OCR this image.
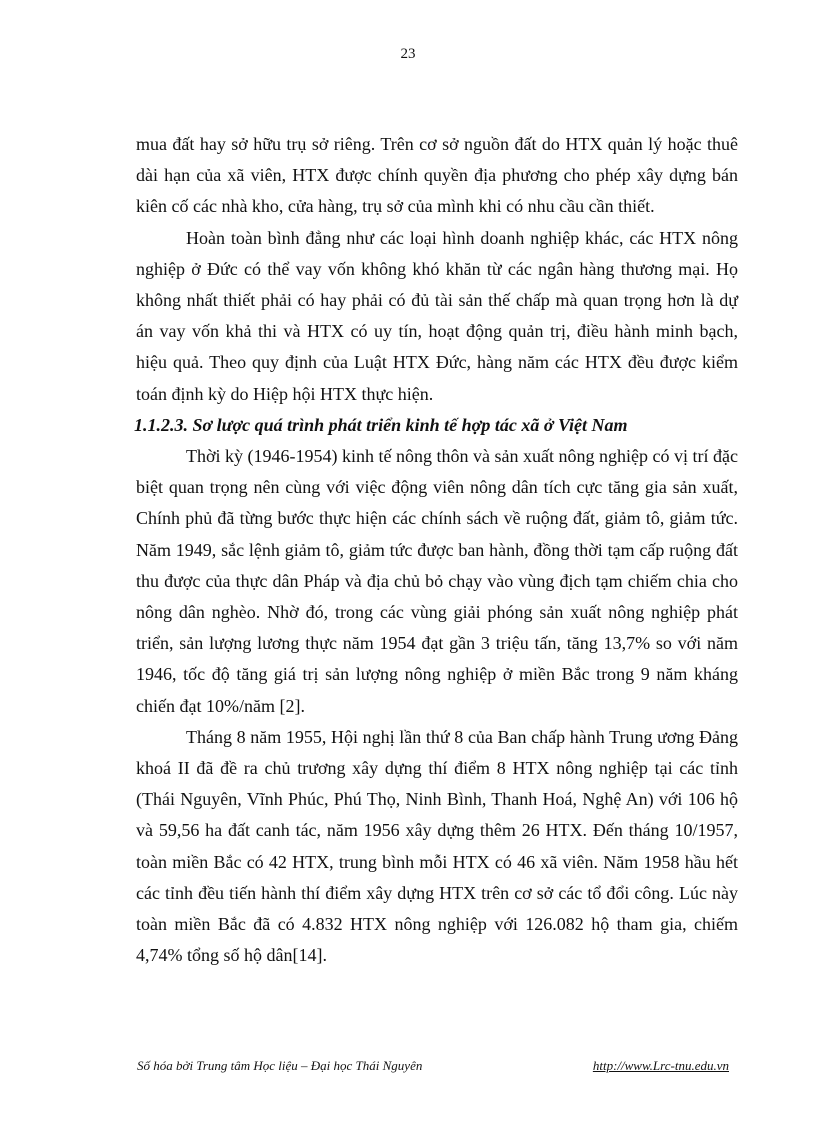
23

mua đất hay sở hữu trụ sở riêng. Trên cơ sở nguồn đất do HTX quản lý hoặc thuê dài hạn của xã viên, HTX được chính quyền địa phương cho phép xây dựng bán kiên cố các nhà kho, cửa hàng, trụ sở của mình khi có nhu cầu cần thiết.

Hoàn toàn bình đẳng như các loại hình doanh nghiệp khác, các HTX nông nghiệp ở Đức có thể vay vốn không khó khăn từ các ngân hàng thương mại. Họ không nhất thiết phải có hay phải có đủ tài sản thế chấp mà quan trọng hơn là dự án vay vốn khả thi và HTX có uy tín, hoạt động quản trị, điều hành minh bạch, hiệu quả. Theo quy định của Luật HTX Đức, hàng năm các HTX đều được kiểm toán định kỳ do Hiệp hội HTX thực hiện.

1.1.2.3. Sơ lược quá trình phát triển kinh tế hợp tác xã ở Việt Nam

Thời kỳ (1946-1954) kinh tế nông thôn và sản xuất nông nghiệp có vị trí đặc biệt quan trọng nên cùng với việc động viên nông dân tích cực tăng gia sản xuất, Chính phủ đã từng bước thực hiện các chính sách về ruộng đất, giảm tô, giảm tức. Năm 1949, sắc lệnh giảm tô, giảm tức được ban hành, đồng thời tạm cấp ruộng đất thu được của thực dân Pháp và địa chủ bỏ chạy vào vùng địch tạm chiếm chia cho nông dân nghèo. Nhờ đó, trong các vùng giải phóng sản xuất nông nghiệp phát triển, sản lượng lương thực năm 1954 đạt gần 3 triệu tấn, tăng 13,7% so với năm 1946, tốc độ tăng giá trị sản lượng nông nghiệp ở miền Bắc trong 9 năm kháng chiến đạt 10%/năm [2].

Tháng 8 năm 1955, Hội nghị lần thứ 8 của Ban chấp hành Trung ương Đảng khoá II đã đề ra chủ trương xây dựng thí điểm 8 HTX nông nghiệp tại các tỉnh (Thái Nguyên, Vĩnh Phúc, Phú Thọ, Ninh Bình, Thanh Hoá, Nghệ An) với 106 hộ và 59,56 ha đất canh tác, năm 1956 xây dựng thêm 26 HTX. Đến tháng 10/1957, toàn miền Bắc có 42 HTX, trung bình mỗi HTX có 46 xã viên. Năm 1958 hầu hết các tỉnh đều tiến hành thí điểm xây dựng HTX trên cơ sở các tổ đổi công. Lúc này toàn miền Bắc đã có 4.832 HTX nông nghiệp với 126.082 hộ tham gia, chiếm 4,74% tổng số hộ dân[14].

Số hóa bởi Trung tâm Học liệu – Đại học Thái Nguyên	http://www.Lrc-tnu.edu.vn
